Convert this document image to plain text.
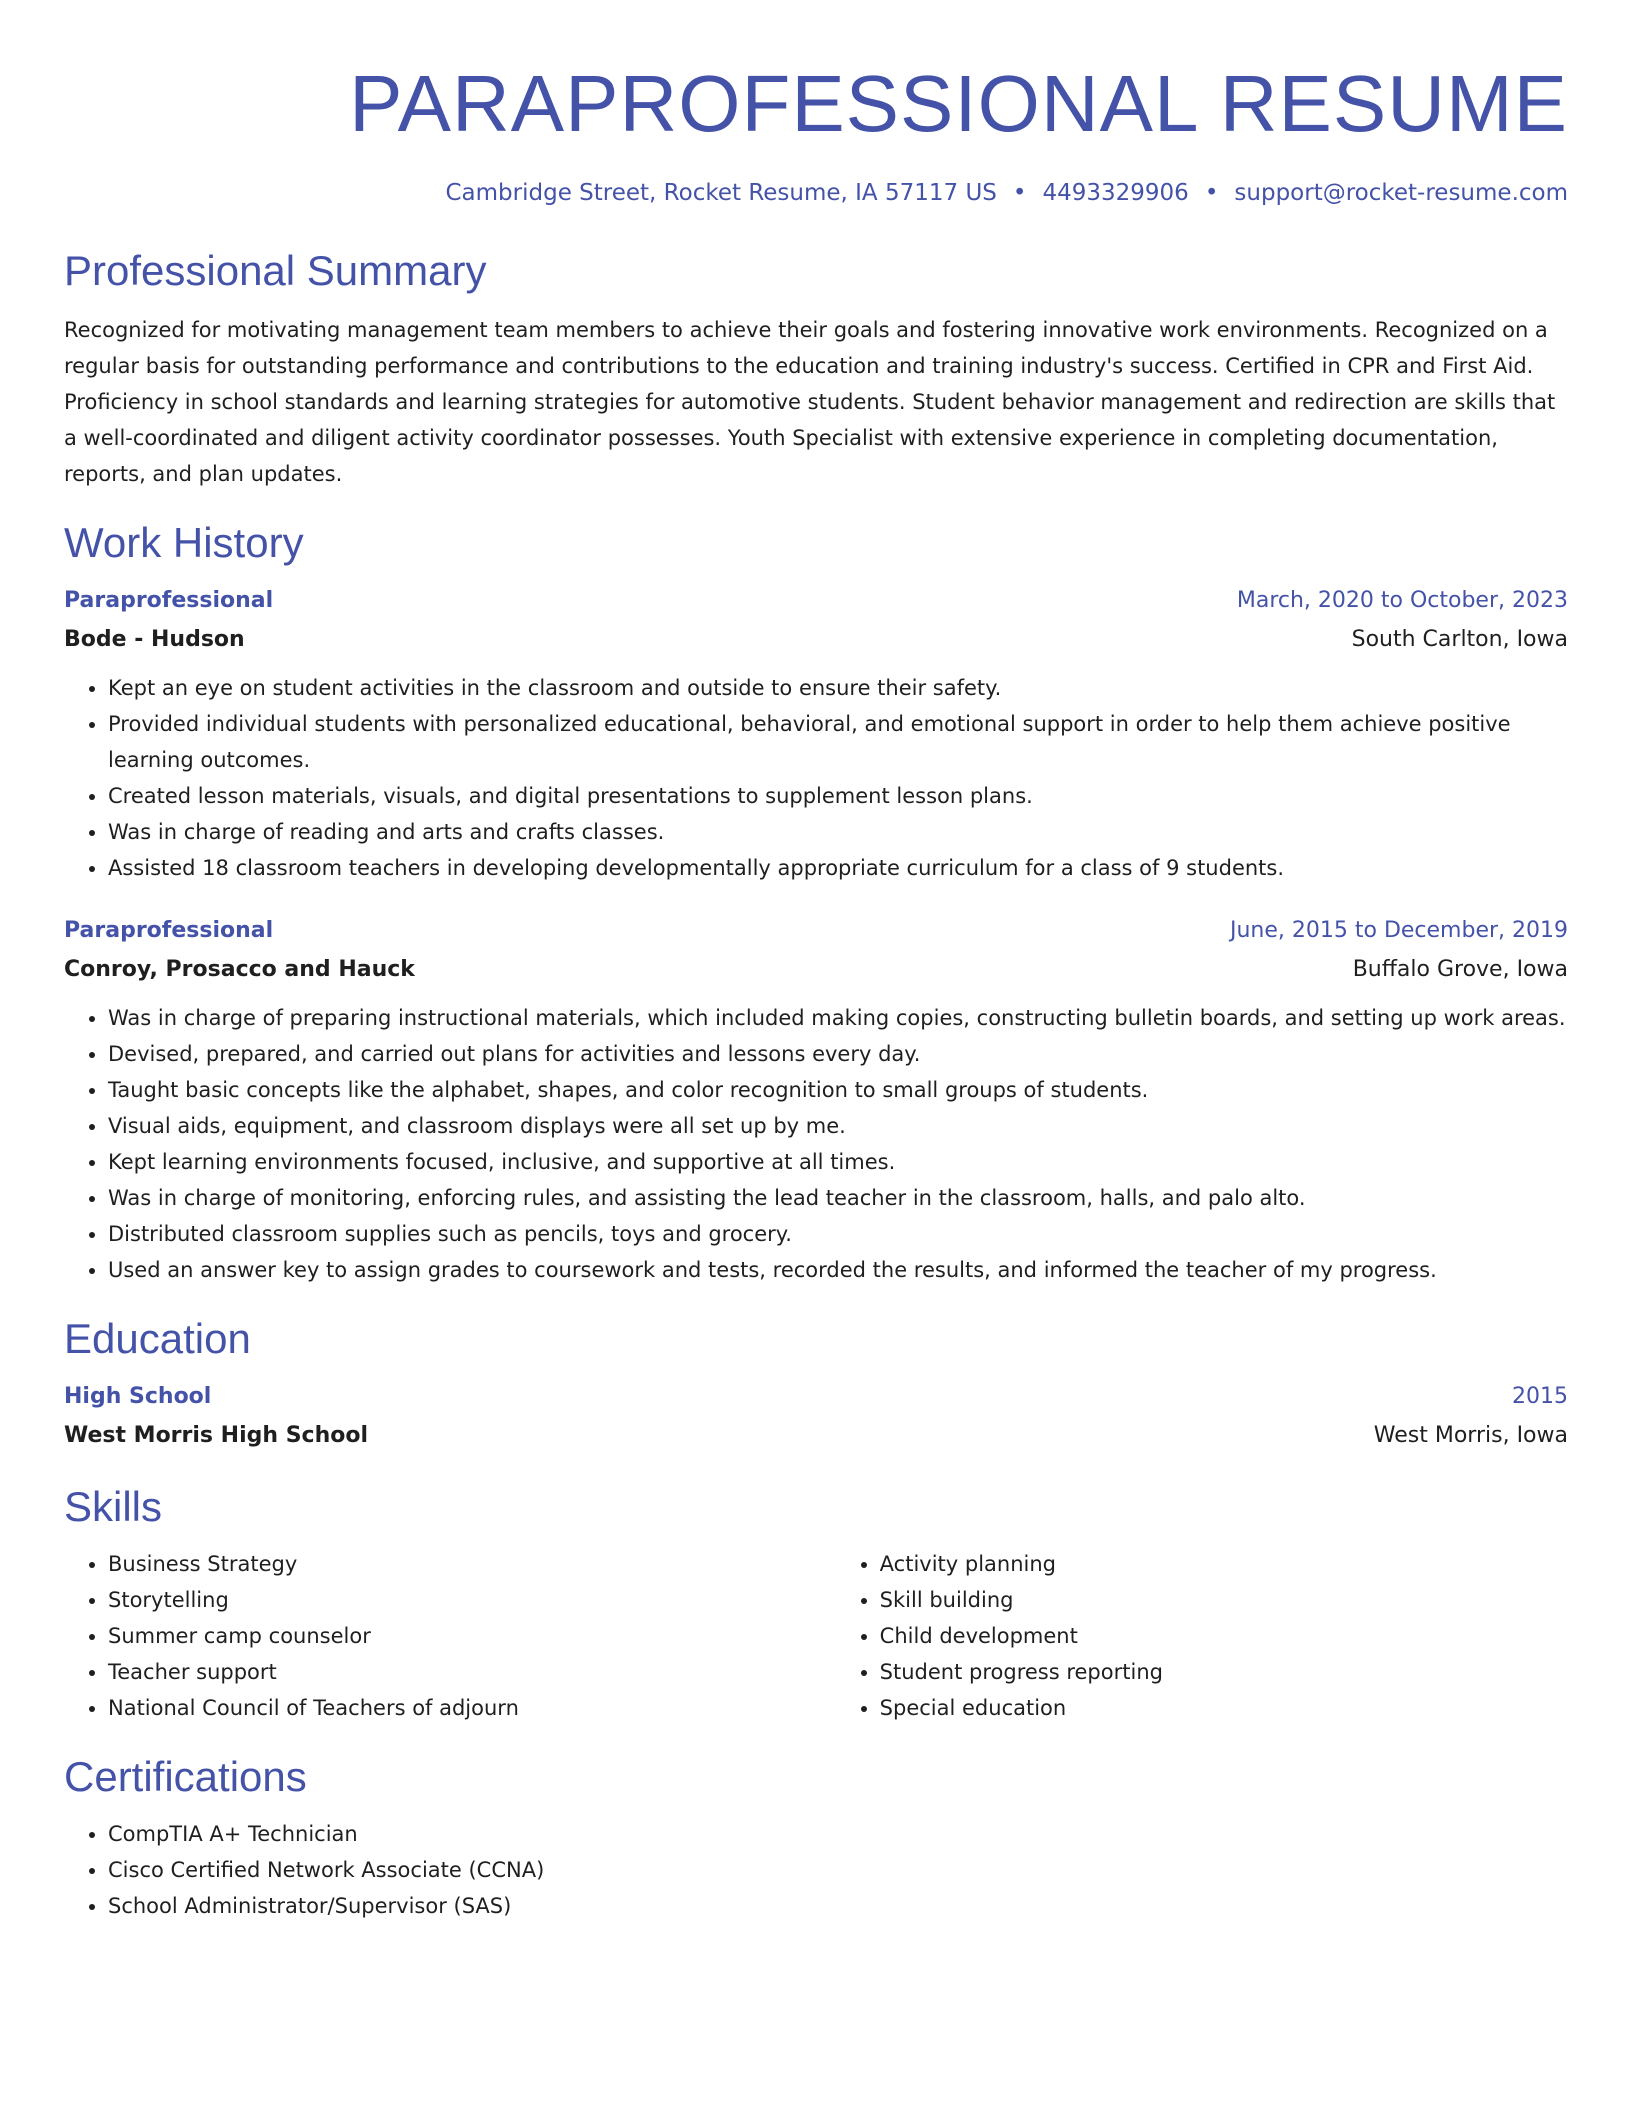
PARAPROFESSIONAL RESUME
Cambridge Street, Rocket Resume, IA 57117 US • 4493329906 • support@rocket-resume.com
Professional Summary

Recognized for motivating management team members to achieve their goals and fostering innovative work environments. Recognized on a regular basis for outstanding performance and contributions to the education and training industry's success. Certified in CPR and First Aid. Proficiency in school standards and learning strategies for automotive students. Student behavior management and redirection are skills that a well-coordinated and diligent activity coordinator possesses. Youth Specialist with extensive experience in completing documentation, reports, and plan updates.

Work History
Paraprofessional	March, 2020 to October, 2023
Bode - Hudson	South Carlton, Iowa
• Kept an eye on student activities in the classroom and outside to ensure their safety.
• Provided individual students with personalized educational, behavioral, and emotional support in order to help them achieve positive learning outcomes.
• Created lesson materials, visuals, and digital presentations to supplement lesson plans.
• Was in charge of reading and arts and crafts classes.
• Assisted 18 classroom teachers in developing developmentally appropriate curriculum for a class of 9 students.
Paraprofessional	June, 2015 to December, 2019
Conroy, Prosacco and Hauck	Buffalo Grove, Iowa
• Was in charge of preparing instructional materials, which included making copies, constructing bulletin boards, and setting up work areas.
• Devised, prepared, and carried out plans for activities and lessons every day.
• Taught basic concepts like the alphabet, shapes, and color recognition to small groups of students.
• Visual aids, equipment, and classroom displays were all set up by me.
• Kept learning environments focused, inclusive, and supportive at all times.
• Was in charge of monitoring, enforcing rules, and assisting the lead teacher in the classroom, halls, and palo alto.
• Distributed classroom supplies such as pencils, toys and grocery.
• Used an answer key to assign grades to coursework and tests, recorded the results, and informed the teacher of my progress.
Education
High School	2015
West Morris High School	West Morris, Iowa
Skills
• Business Strategy
• Storytelling
• Summer camp counselor
• Teacher support
• National Council of Teachers of adjourn
• Activity planning
• Skill building
• Child development
• Student progress reporting
• Special education
Certifications
• CompTIA A+ Technician
• Cisco Certified Network Associate (CCNA)
• School Administrator/Supervisor (SAS)
